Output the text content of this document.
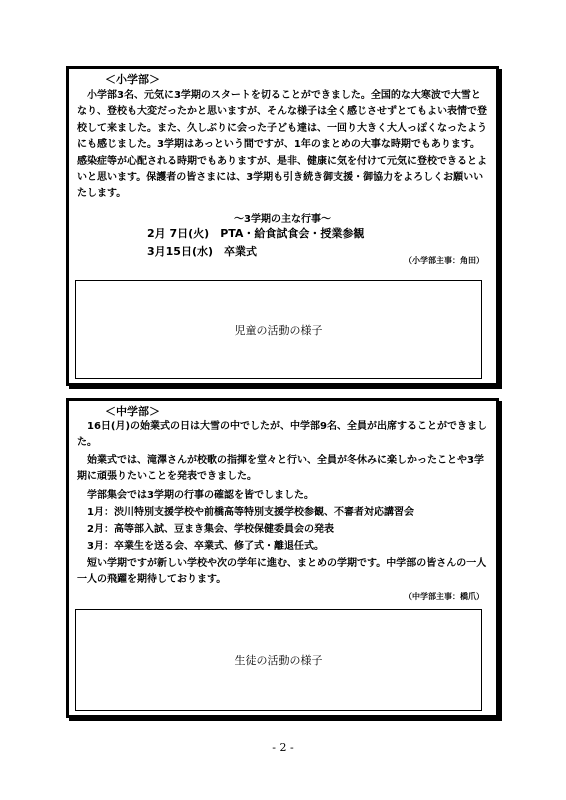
＜小学部＞

　小学部3名、元気に3学期のスタートを切ることができました。全国的な大寒波で大雪となり、登校も大変だったかと思いますが、そんな様子は全く感じさせずとてもよい表情で登校して来ました。また、久しぶりに会った子ども達は、一回り大きく大人っぽくなったようにも感じました。3学期はあっという間ですが、1年のまとめの大事な時期でもあります。感染症等が心配される時期でもありますが、是非、健康に気を付けて元気に登校できるとよいと思います。保護者の皆さまには、3学期も引き続き御支援・御協力をよろしくお願いいたします。

～3学期の主な行事～
2月 7日(火)　PTA・給食試食会・授業参観
3月15日(水)　卒業式
（小学部主事：角田）
児童の活動の様子
＜中学部＞

　16日(月)の始業式の日は大雪の中でしたが、中学部9名、全員が出席することができました。

　始業式では、滝澤さんが校歌の指揮を堂々と行い、全員が冬休みに楽しかったことや3学期に頑張りたいことを発表できました。

　学部集会では3学期の行事の確認を皆でしました。

　1月：渋川特別支援学校や前橋高等特別支援学校参観、不審者対応講習会

　2月：高等部入試、豆まき集会、学校保健委員会の発表

　3月：卒業生を送る会、卒業式、修了式・離退任式。

　短い学期ですが新しい学校や次の学年に進む、まとめの学期です。中学部の皆さんの一人一人の飛躍を期待しております。

（中学部主事：橋爪）
生徒の活動の様子
- 2 -
